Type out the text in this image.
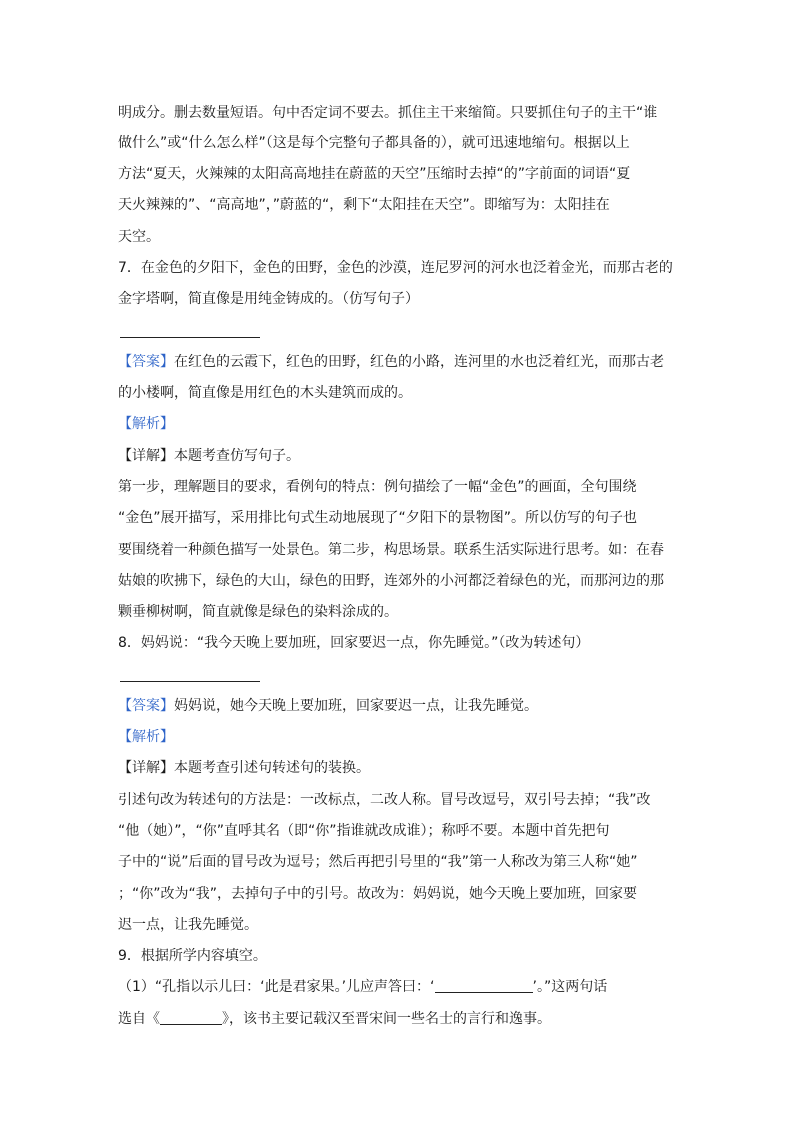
明成分。删去数量短语。句中否定词不要去。抓住主干来缩简。只要抓住句子的主干“谁
做什么”或“什么怎么样”（这是每个完整句子都具备的），就可迅速地缩句。根据以上
方法“夏天，火辣辣的太阳高高地挂在蔚蓝的天空”压缩时去掉“的”字前面的词语“夏
天火辣辣的”、“高高地”，”蔚蓝的“，剩下“太阳挂在天空”。即缩写为：太阳挂在
天空。
7．在金色的夕阳下，金色的田野，金色的沙漠，连尼罗河的河水也泛着金光，而那古老的
金字塔啊，简直像是用纯金铸成的。（仿写句子）
【答案】在红色的云霞下，红色的田野，红色的小路，连河里的水也泛着红光，而那古老
的小楼啊，简直像是用红色的木头建筑而成的。
【解析】
【详解】本题考查仿写句子。
第一步，理解题目的要求，看例句的特点：例句描绘了一幅“金色”的画面，全句围绕
“金色”展开描写，采用排比句式生动地展现了“夕阳下的景物图”。所以仿写的句子也
要围绕着一种颜色描写一处景色。第二步，构思场景。联系生活实际进行思考。如：在春
姑娘的吹拂下，绿色的大山，绿色的田野，连郊外的小河都泛着绿色的光，而那河边的那
颗垂柳树啊，简直就像是绿色的染料涂成的。
8．妈妈说：“我今天晚上要加班，回家要迟一点，你先睡觉。”（改为转述句）
【答案】妈妈说，她今天晚上要加班，回家要迟一点，让我先睡觉。
【解析】
【详解】本题考查引述句转述句的装换。
引述句改为转述句的方法是：一改标点，二改人称。冒号改逗号，双引号去掉；“我”改
“他（她）”，“你”直呼其名（即“你”指谁就改成谁）；称呼不要。本题中首先把句
子中的“说”后面的冒号改为逗号；然后再把引号里的“我”第一人称改为第三人称“她”
；“你”改为“我”，去掉句子中的引号。故改为：妈妈说，她今天晚上要加班，回家要
迟一点，让我先睡觉。
9．根据所学内容填空。
（1）“孔指以示儿曰：‘此是君家果。’儿应声答曰：‘	’。”这两句话
选自《	》，该书主要记载汉至晋宋间一些名士的言行和逸事。
